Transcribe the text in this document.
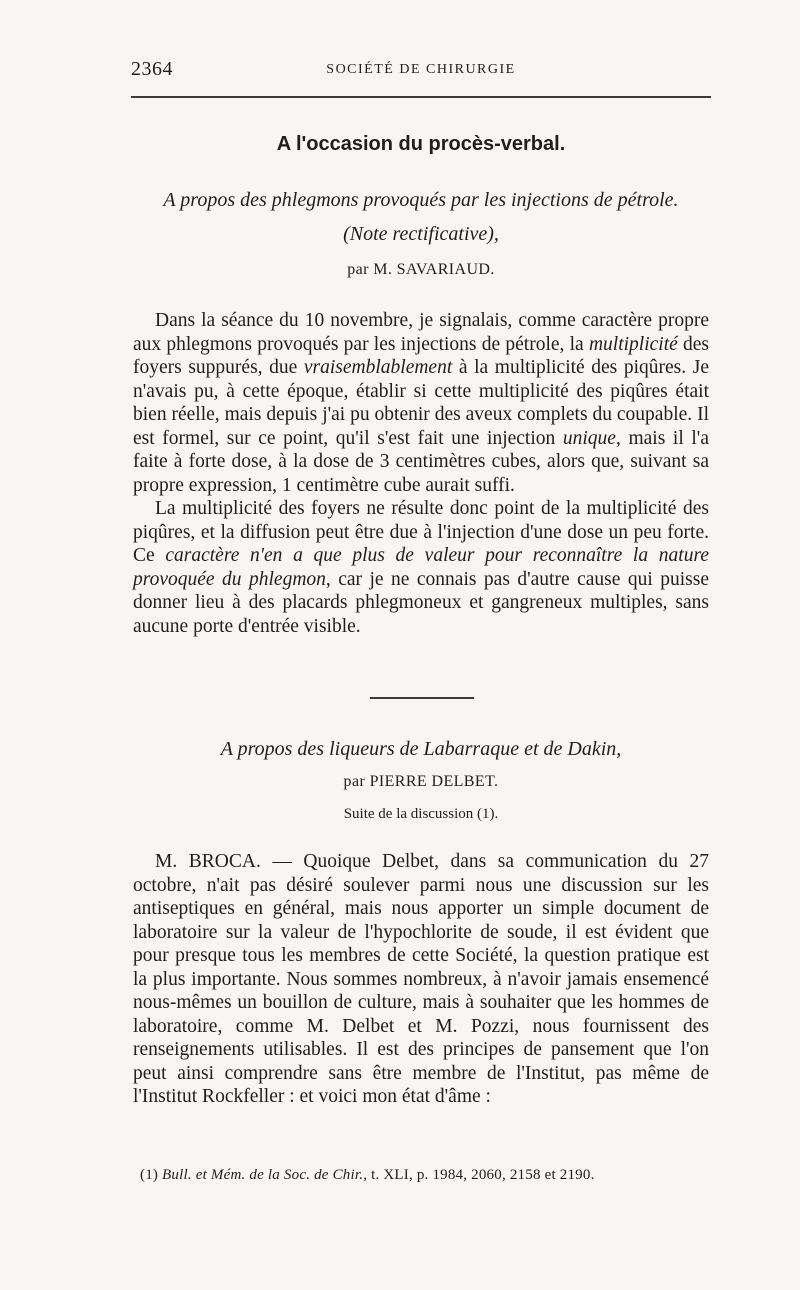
2364	SOCIÉTÉ DE CHIRURGIE
A l'occasion du procès-verbal.
A propos des phlegmons provoqués par les injections de pétrole.
(Note rectificative),
par M. SAVARIAUD.

Dans la séance du 10 novembre, je signalais, comme caractère propre aux phlegmons provoqués par les injections de pétrole, la multiplicité des foyers suppurés, due vraisemblablement à la multiplicité des piqûres. Je n'avais pu, à cette époque, établir si cette multiplicité des piqûres était bien réelle, mais depuis j'ai pu obtenir des aveux complets du coupable. Il est formel, sur ce point, qu'il s'est fait une injection unique, mais il l'a faite à forte dose, à la dose de 3 centimètres cubes, alors que, suivant sa propre expression, 1 centimètre cube aurait suffi.

La multiplicité des foyers ne résulte donc point de la multiplicité des piqûres, et la diffusion peut être due à l'injection d'une dose un peu forte. Ce caractère n'en a que plus de valeur pour reconnaître la nature provoquée du phlegmon, car je ne connais pas d'autre cause qui puisse donner lieu à des placards phlegmoneux et gangreneux multiples, sans aucune porte d'entrée visible.

A propos des liqueurs de Labarraque et de Dakin,
par PIERRE DELBET.
Suite de la discussion (1).

M. BROCA. — Quoique Delbet, dans sa communication du 27 octobre, n'ait pas désiré soulever parmi nous une discussion sur les antiseptiques en général, mais nous apporter un simple document de laboratoire sur la valeur de l'hypochlorite de soude, il est évident que pour presque tous les membres de cette Société, la question pratique est la plus importante. Nous sommes nombreux, à n'avoir jamais ensemencé nous-mêmes un bouillon de culture, mais à souhaiter que les hommes de laboratoire, comme M. Delbet et M. Pozzi, nous fournissent des renseignements utilisables. Il est des principes de pansement que l'on peut ainsi comprendre sans être membre de l'Institut, pas même de l'Institut Rockfeller : et voici mon état d'âme :

(1) Bull. et Mém. de la Soc. de Chir., t. XLI, p. 1984, 2060, 2158 et 2190.
